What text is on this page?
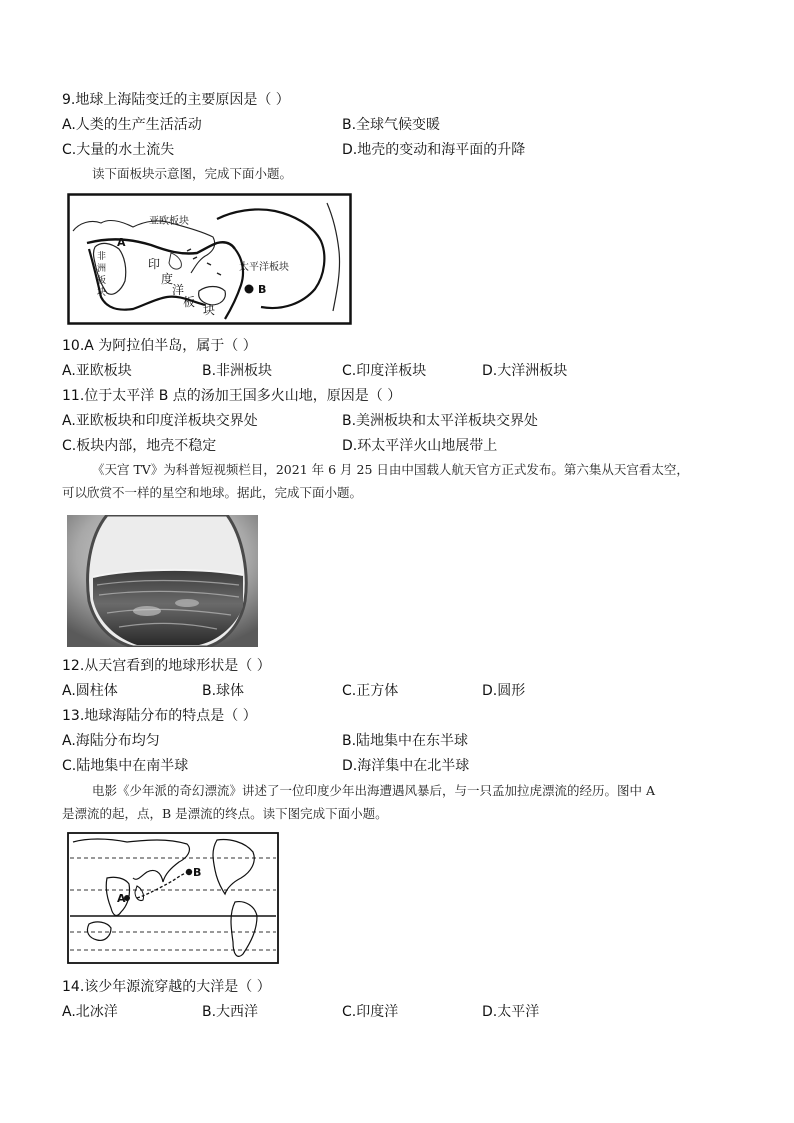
9.地球上海陆变迁的主要原因是（ ）
A.人类的生产生活活动	B.全球气候变暖
C.大量的水土流失	D.地壳的变动和海平面的升降
读下面板块示意图，完成下面小题。
亚欧板块
A
非
洲
板
块
印
度
洋
板
块
太平洋板块
B
10.A 为阿拉伯半岛，属于（ ）
A.亚欧板块	B.非洲板块	C.印度洋板块	D.大洋洲板块
11.位于太平洋 B 点的汤加王国多火山地，原因是（ ）
A.亚欧板块和印度洋板块交界处	B.美洲板块和太平洋板块交界处
C.板块内部，地壳不稳定	D.环太平洋火山地展带上
《天宫 TV》为科普短视频栏目，2021 年 6 月 25 日由中国载人航天官方正式发布。第六集从天宫看太空，
可以欣赏不一样的星空和地球。据此，完成下面小题。
12.从天宫看到的地球形状是（ ）
A.圆柱体	B.球体	C.正方体	D.圆形
13.地球海陆分布的特点是（ ）
A.海陆分布均匀	B.陆地集中在东半球
C.陆地集中在南半球	D.海洋集中在北半球
电影《少年派的奇幻漂流》讲述了一位印度少年出海遭遇风暴后，与一只孟加拉虎漂流的经历。图中 A
是漂流的起，点，B 是漂流的终点。读下图完成下面小题。
A
B
14.该少年源流穿越的大洋是（ ）
A.北冰洋	B.大西洋	C.印度洋	D.太平洋
